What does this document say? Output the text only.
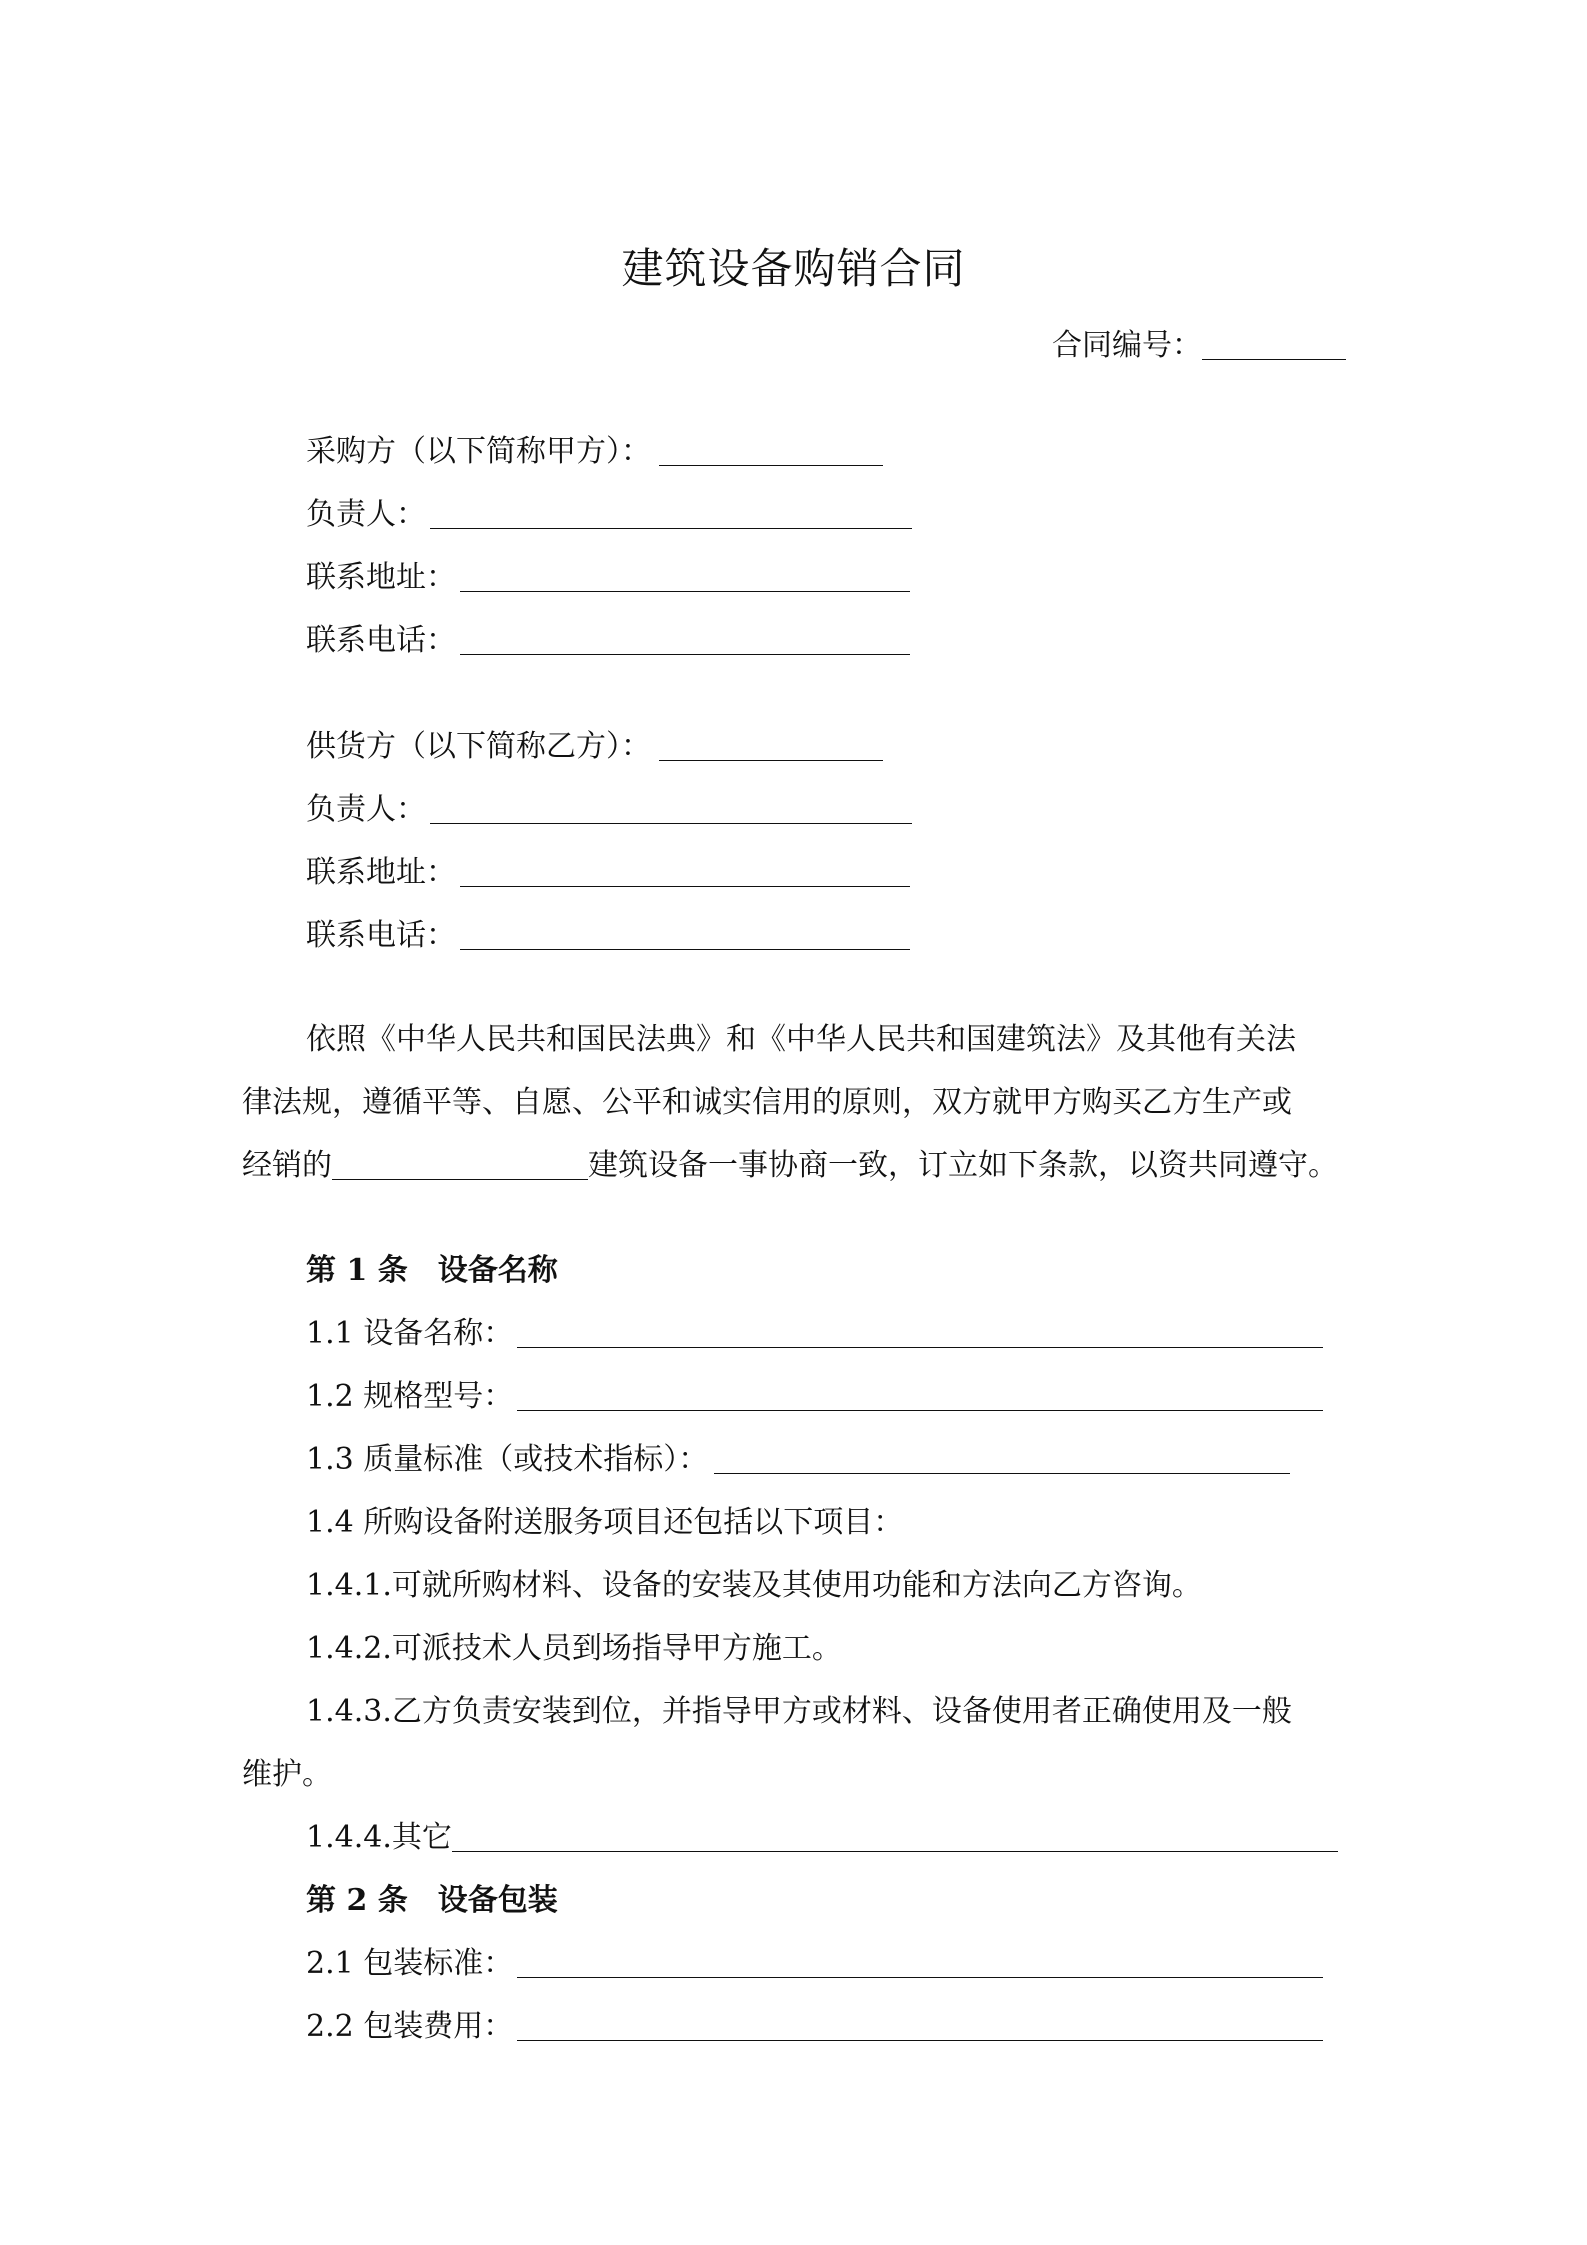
建筑设备购销合同
合同编号：
采购方（以下简称甲方）：
负责人：
联系地址：
联系电话：
供货方（以下简称乙方）：
负责人：
联系地址：
联系电话：
依照《中华人民共和国民法典》和《中华人民共和国建筑法》及其他有关法
律法规，遵循平等、自愿、公平和诚实信用的原则，双方就甲方购买乙方生产或
经销的	建筑设备一事协商一致，订立如下条款，以资共同遵守。
第 1 条　设备名称
1.1 设备名称：
1.2 规格型号：
1.3 质量标准（或技术指标）：
1.4 所购设备附送服务项目还包括以下项目：
1.4.1.可就所购材料、设备的安装及其使用功能和方法向乙方咨询。
1.4.2.可派技术人员到场指导甲方施工。
1.4.3.乙方负责安装到位，并指导甲方或材料、设备使用者正确使用及一般
维护。
1.4.4.其它
第 2 条　设备包装
2.1 包装标准：
2.2 包装费用：
